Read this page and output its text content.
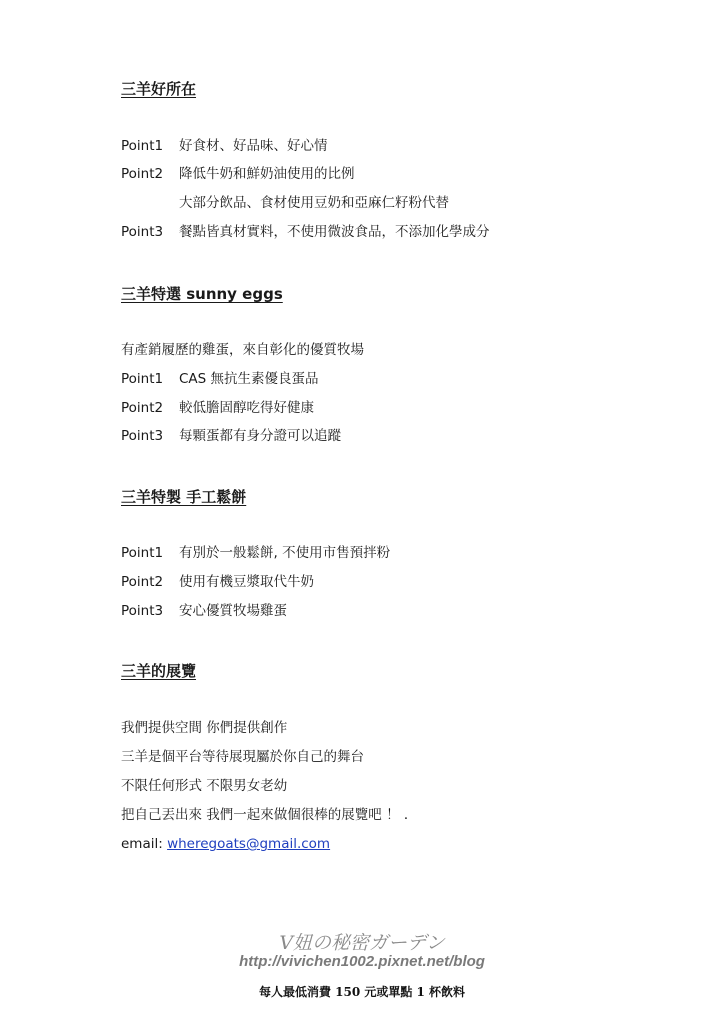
三羊好所在
Point1 好食材、好品味、好心情
Point2 降低牛奶和鮮奶油使用的比例
大部分飲品、食材使用豆奶和亞麻仁籽粉代替
Point3 餐點皆真材實料，不使用微波食品，不添加化學成分
三羊特選 sunny eggs
有產銷履歷的雞蛋，來自彰化的優質牧場
Point1 CAS 無抗生素優良蛋品
Point2 較低膽固醇吃得好健康
Point3 每顆蛋都有身分證可以追蹤
三羊特製 手工鬆餅
Point1 有別於一般鬆餅, 不使用市售預拌粉
Point2 使用有機豆漿取代牛奶
Point3 安心優質牧場雞蛋
三羊的展覽
我們提供空間 你們提供創作
三羊是個平台等待展現屬於你自己的舞台
不限任何形式 不限男女老幼
把自己丟出來 我們一起來做個很棒的展覽吧 ！ ．
email: wheregoats@gmail.com
V妞の秘密ガーデン
http://vivichen1002.pixnet.net/blog
每人最低消費 150 元或單點 1 杯飲料
